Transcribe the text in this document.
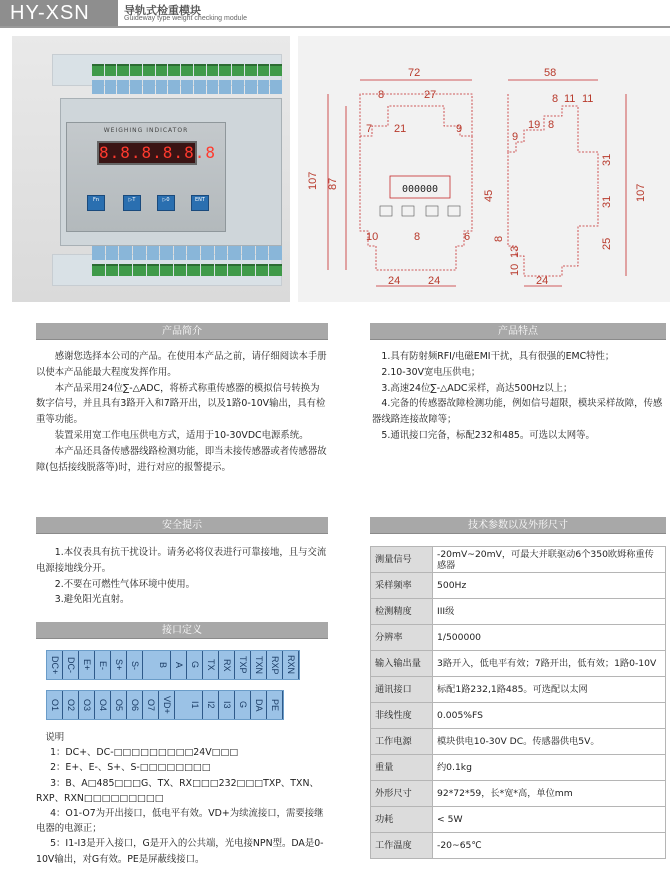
HY-XSN	导轨式检重模块
Guideway type weight checking module
WEIGHING INDICATOR
8.8.8.8.8.8
Fn	▷T	▷0	ENT
72
8	27
7 21	9
107 87
10	8	6
24	24
58
8 11 11
9
19 8
31
45	31 107
8
13
25
10
24
000000
产品简介	产品特点
安全提示	技术参数以及外形尺寸
接口定义

感谢您选择本公司的产品。在使用本产品之前，请仔细阅读本手册以使本产品能最大程度发挥作用。

本产品采用24位∑-△ADC，将桥式称重传感器的模拟信号转换为数字信号，并且具有3路开入和7路开出，以及1路0-10V输出，具有检重等功能。

装置采用宽工作电压供电方式，适用于10-30VDC电源系统。

本产品还具备传感器线路检测功能，即当未接传感器或者传感器故障(包括接线脱落等)时，进行对应的报警提示。

1.具有防射频RFI/电磁EMI干扰，具有很强的EMC特性；

2.10-30V宽电压供电；

3.高速24位∑-△ADC采样，高达500Hz以上；

4.完备的传感器故障检测功能，例如信号超限，模块采样故障，传感器线路连接故障等；

5.通讯接口完备，标配232和485。可选以太网等。

1.本仪表具有抗干扰设计。请务必将仪表进行可靠接地，且与交流电源接地线分开。

2.不要在可燃性气体环境中使用。

3.避免阳光直射。

DC+ DC- E+ E- S+ S-	B A G TX RX TXP TXN RXP RXN
O1 O2 O3 O4 O5 O6 O7 VD+	I1 I2 I3 G DA PE

说明

1：DC+、DC-□□□□□□□□□24V□□□

2：E+、E-、S+、S-□□□□□□□□

3：B、A□485□□□G、TX、RX□□□232□□□TXP、TXN、RXP、RXN□□□□□□□□□

4：O1-O7为开出接口，低电平有效。VD+为续流接口，需要接继电器的电源正；

5：I1-I3是开入接口，G是开入的公共端，光电接NPN型。DA是0-10V输出，对G有效。PE是屏蔽线接口。

测量信号	-20mV~20mV，可最大并联驱动6个350欧姆称重传感器
采样频率	500Hz
检测精度	III级
分辨率	1/500000
输入输出量	3路开入，低电平有效；7路开出，低有效；1路0-10V
通讯接口	标配1路232,1路485。可选配以太网
非线性度	0.005%FS
工作电源	模块供电10-30V DC。传感器供电5V。
重量	约0.1kg
外形尺寸	92*72*59，长*宽*高，单位mm
功耗	< 5W
工作温度	-20~65℃
